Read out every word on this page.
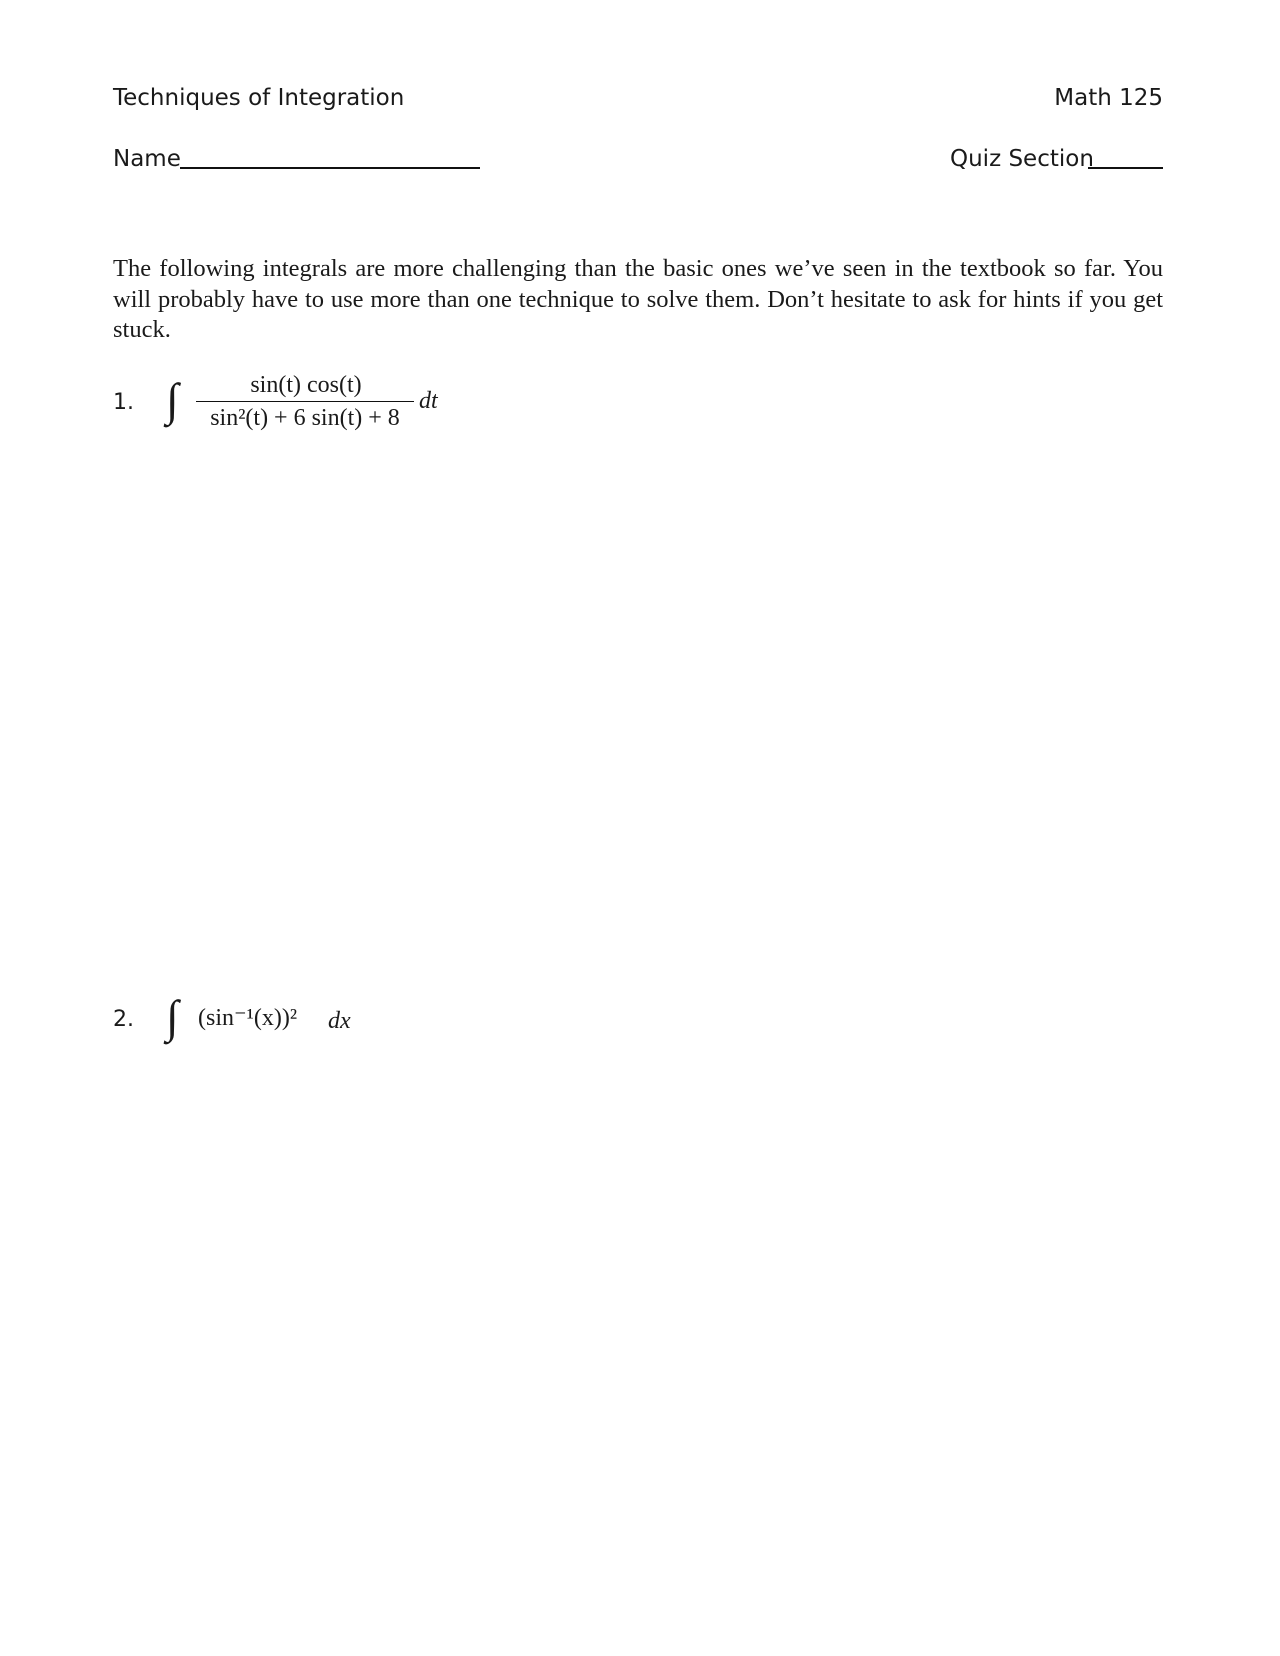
Techniques of Integration	Math 125
Name	Quiz Section
The following integrals are more challenging than the basic ones we’ve seen in the textbook so far. You will probably have to use more than one technique to solve them. Don’t hesitate to ask for hints if you get stuck.
1. ∫	sin(t) cos(t)
sin²(t) + 6 sin(t) + 8
dt
2. ∫ (sin⁻¹(x))² dx
